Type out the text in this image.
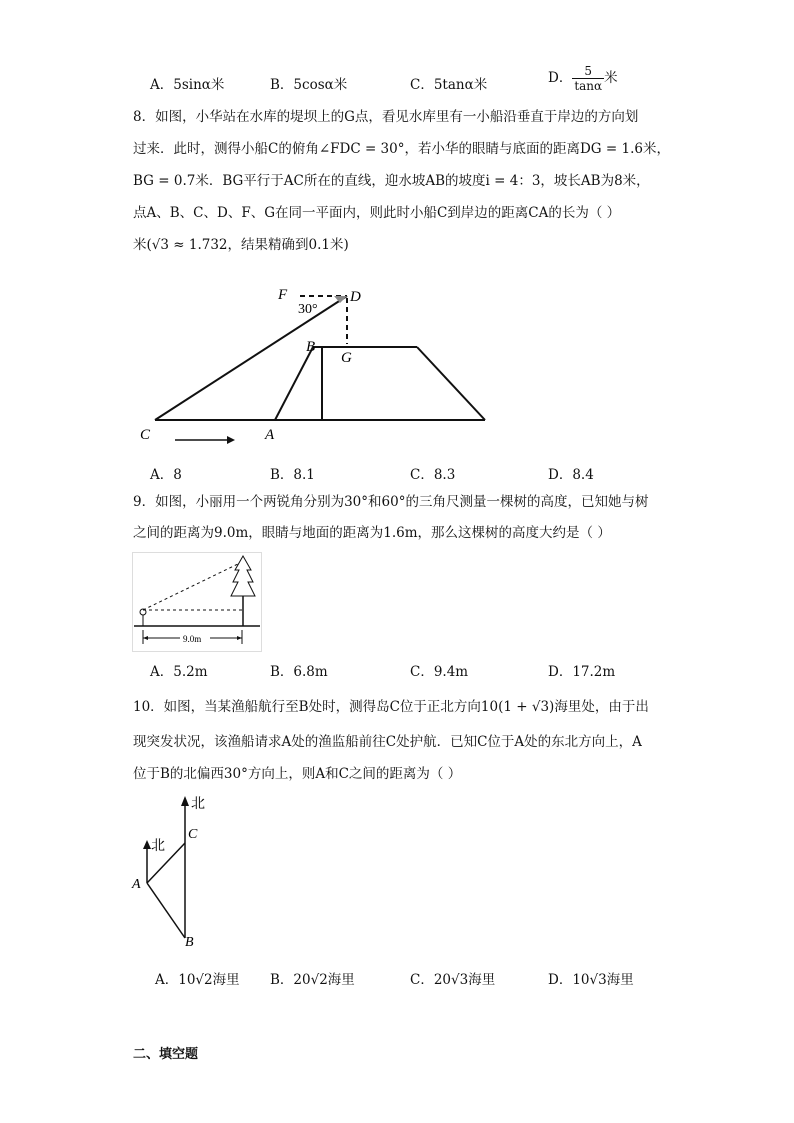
A．5sinα米	B．5cosα米	C．5tanα米	D． $\frac{5}{\tan\alpha}$ 米
8．如图，小华站在水库的堤坝上的G点，看见水库里有一小船沿垂直于岸边的方向划
过来．此时，测得小船C的俯角∠FDC = 30°，若小华的眼睛与底面的距离DG = 1.6米，
BG = 0.7米．BG平行于AC所在的直线，迎水坡AB的坡度i = 4：3，坡长AB为8米，
点A、B、C、D、F、G在同一平面内，则此时小船C到岸边的距离CA的长为（ ）
米(√3 ≈ 1.732，结果精确到0.1米)
F	D
30°
B
G
C	A
A．8	B．8.1	C．8.3	D．8.4
9．如图，小丽用一个两锐角分别为30°和60°的三角尺测量一棵树的高度，已知她与树
之间的距离为9.0m，眼睛与地面的距离为1.6m，那么这棵树的高度大约是（ ）
9.0m
A．5.2m	B．6.8m	C．9.4m	D．17.2m
10．如图，当某渔船航行至B处时，测得岛C位于正北方向10(1 + √3)海里处，由于出
现突发状况，该渔船请求A处的渔监船前往C处护航．已知C位于A处的东北方向上，A
位于B的北偏西30°方向上，则A和C之间的距离为（ ）
北
北
C
A
B
A．10√2海里 B．20√2海里	C．20√3海里	D．10√3海里
二、填空题
